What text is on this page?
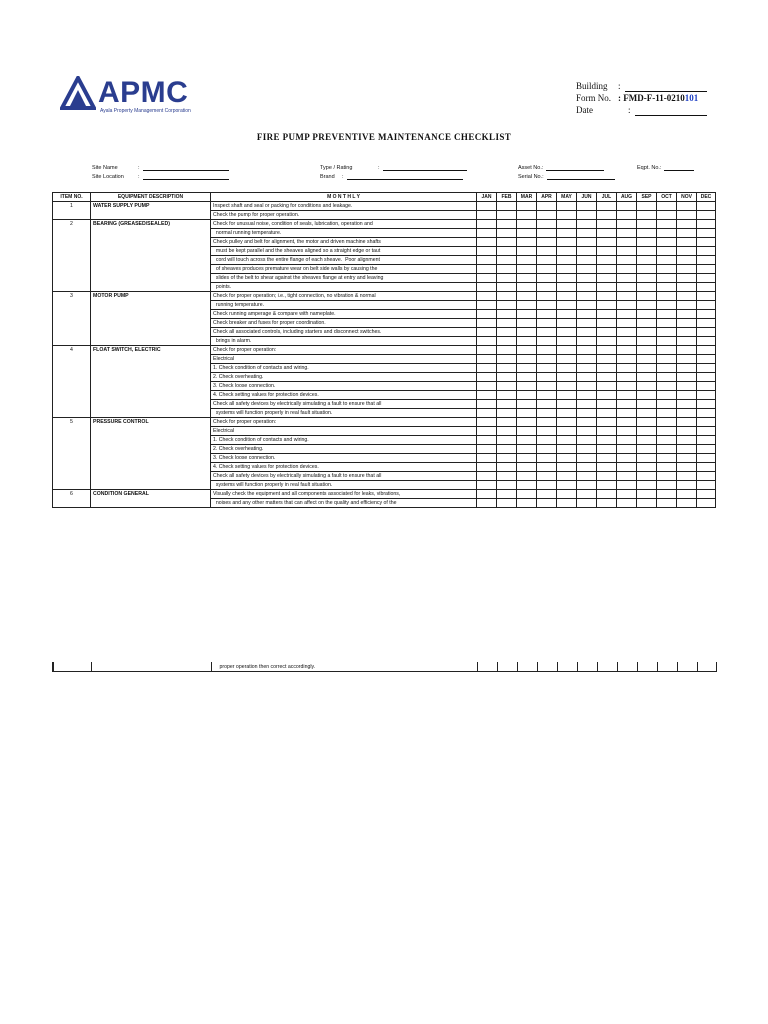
APMC
Ayala Property Management Corporation
Building	:
Form No. : FMD-F-11-0210101
Date	:
FIRE PUMP PREVENTIVE MAINTENANCE CHECKLIST
Site Name	:
Site Location	:
Type / Rating	:
Brand	:
Asset No.:
Serial No.:
Eqpt. No.:
ITEM NO.	EQUIPMENT DESCRIPTION	M O N T H L Y	JAN	FEB	MAR	APR	MAY	JUN	JUL	AUG	SEP	OCT	NOV	DEC
1	WATER SUPPLY PUMP	Inspect shaft and seal or packing for conditions and leakage.												
		Check the pump for proper operation.												
2	BEARING (GREASED/SEALED)	Check for unusual noise, condition of seals, lubrication, operation and												
		normal running temperature.												
		Check pulley and belt for alignment, the motor and driven machine shafts												
		must be kept parallel and the sheaves aligned so a straight edge or taut												
		cord will touch across the entire flange of each sheave.  Poor alignment												
		of sheaves produces premature wear on belt side walls by causing the												
		slides of the belt to shear against the sheaves flange at entry and leaving												
		points.												
3	MOTOR PUMP	Check for proper operation; i.e., tight connection, no vibration & normal												
		running temperature.												
		Check running amperage & compare with nameplate.												
		Check breaker and fuses for proper coordination.												
		Check all associated controls, including starters and disconnect switches.												
		brings in alarm.												
4	FLOAT SWITCH, ELECTRIC	Check for proper operation:												
		Electrical												
		1. Check condition of contacts and wiring.												
		2. Check overheating.												
		3. Check loose connection.												
		4. Check setting values for protection devices.												
		Check all safety devices by electrically simulating a fault to ensure that all												
		systems will function properly in real fault situation.												
5	PRESSURE CONTROL	Check for proper operation:												
		Electrical												
		1. Check condition of contacts and wiring.												
		2. Check overheating.												
		3. Check loose connection.												
		4. Check setting values for protection devices.												
		Check all safety devices by electrically simulating a fault to ensure that all												
		systems will function properly in real fault situation.												
6	CONDITION GENERAL	Visually check the equipment and all components associated for leaks, vibrations,												
		noises and any other matters that can affect on the quality and efficiency of the												
		proper operation then correct accordingly.												
